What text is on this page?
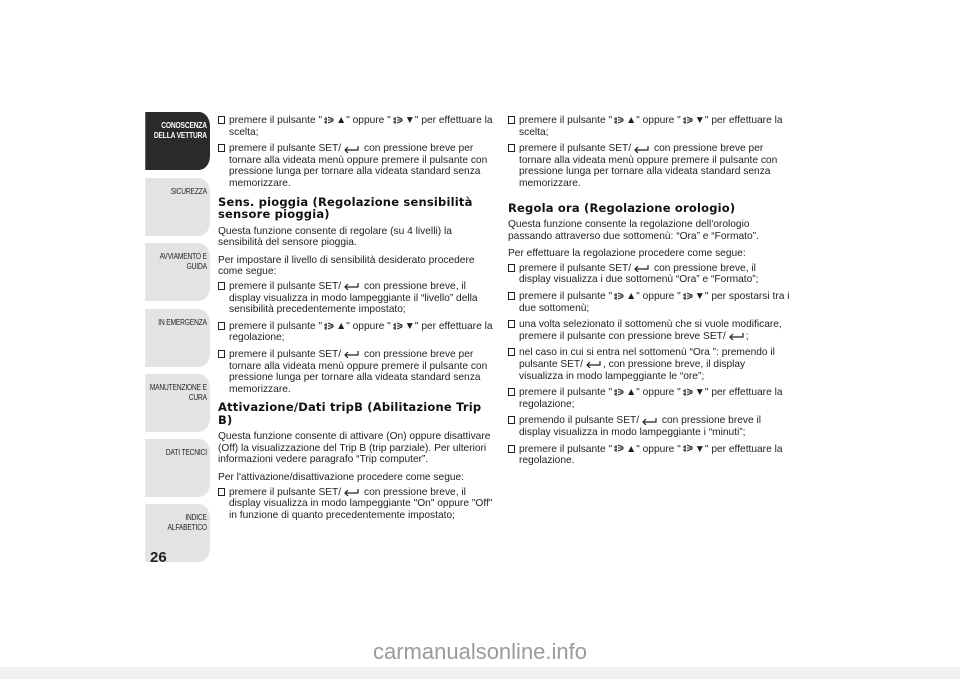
CONOSCENZA
DELLA VETTURA
SICUREZZA
AVVIAMENTO E
GUIDA
IN EMERGENZA
MANUTENZIONE E
CURA
DATI TECNICI
INDICE ALFABETICO
26
premere il pulsante " ▲" oppure " ▼" per effettuare la scelta;
premere il pulsante SET/ con pressione breve per tornare alla videata menù oppure premere il pulsante con pressione lunga per tornare alla videata standard senza memorizzare.
Sens. pioggia (Regolazione sensibilità sensore pioggia)

Questa funzione consente di regolare (su 4 livelli) la sensibilità del sensore pioggia.

Per impostare il livello di sensibilità desiderato procedere come segue:

premere il pulsante SET/ con pressione breve, il display visualizza in modo lampeggiante il “livello” della sensibilità precedentemente impostato;
premere il pulsante " ▲" oppure " ▼" per effettuare la regolazione;
premere il pulsante SET/ con pressione breve per tornare alla videata menù oppure premere il pulsante con pressione lunga per tornare alla videata standard senza memorizzare.
Attivazione/Dati tripB (Abilitazione Trip B)

Questa funzione consente di attivare (On) oppure disattivare (Off) la visualizzazione del Trip B (trip parziale). Per ulteriori informazioni vedere paragrafo “Trip computer”.

Per l'attivazione/disattivazione procedere come segue:

premere il pulsante SET/ con pressione breve, il display visualizza in modo lampeggiante "On" oppure "Off" in funzione di quanto precedentemente impostato;
premere il pulsante " ▲" oppure " ▼" per effettuare la scelta;
premere il pulsante SET/ con pressione breve per tornare alla videata menù oppure premere il pulsante con pressione lunga per tornare alla videata standard senza memorizzare.
Regola ora (Regolazione orologio)

Questa funzione consente la regolazione dell'orologio passando attraverso due sottomenù: “Ora” e “Formato”.

Per effettuare la regolazione procedere come segue:

premere il pulsante SET/ con pressione breve, il display visualizza i due sottomenù “Ora” e “Formato”;
premere il pulsante " ▲" oppure " ▼" per spostarsi tra i due sottomenù;
una volta selezionato il sottomenù che si vuole modificare, premere il pulsante con pressione breve SET/ ;
nel caso in cui si entra nel sottomenù “Ora ”: premendo il pulsante SET/ , con pressione breve, il display visualizza in modo lampeggiante le “ore”;
premere il pulsante " ▲" oppure " ▼" per effettuare la regolazione;
premendo il pulsante SET/ con pressione breve il display visualizza in modo lampeggiante i “minuti”;
premere il pulsante " ▲" oppure " ▼" per effettuare la regolazione.
carmanualsonline.info
